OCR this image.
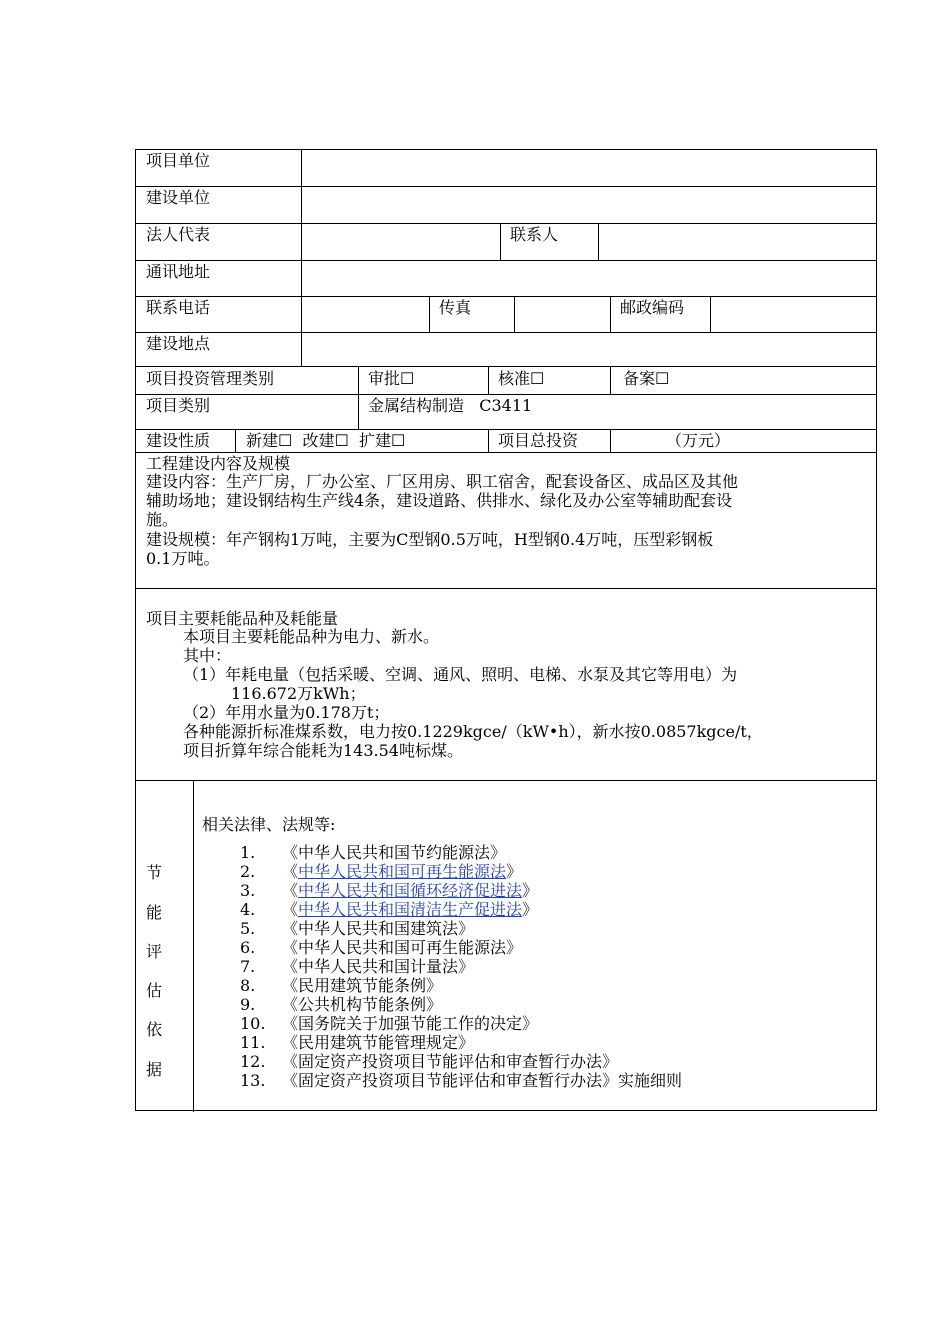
项目单位
建设单位
法人代表	联系人
通讯地址
联系电话	传真	邮政编码
建设地点
项目投资管理类别	审批☐	核准☐	备案☐
项目类别	金属结构制造   C3411
建设性质 新建☐  改建☐  扩建☐	项目总投资	（万元）
工程建设内容及规模
建设内容：生产厂房，厂办公室、厂区用房、职工宿舍，配套设备区、成品区及其他
辅助场地；建设钢结构生产线4条，建设道路、供排水、绿化及办公室等辅助配套设
施。
建设规模：年产钢构1万吨，主要为C型钢0.5万吨，H型钢0.4万吨，压型彩钢板
0.1万吨。
项目主要耗能品种及耗能量
本项目主要耗能品种为电力、新水。
其中：
（1）年耗电量（包括采暖、空调、通风、照明、电梯、水泵及其它等用电）为
116.672万kWh；
（2）年用水量为0.178万t；
各种能源折标准煤系数，电力按0.1229kgce/（kW•h），新水按0.0857kgce/t，
项目折算年综合能耗为143.54吨标煤。
节
能
评
估
依
据
相关法律、法规等:
1. 《中华人民共和国节约能源法》
2. 《中华人民共和国可再生能源法》
3. 《中华人民共和国循环经济促进法》
4. 《中华人民共和国清洁生产促进法》
5. 《中华人民共和国建筑法》
6. 《中华人民共和国可再生能源法》
7. 《中华人民共和国计量法》
8. 《民用建筑节能条例》
9. 《公共机构节能条例》
10. 《国务院关于加强节能工作的决定》
11. 《民用建筑节能管理规定》
12. 《固定资产投资项目节能评估和审查暂行办法》
13. 《固定资产投资项目节能评估和审查暂行办法》实施细则
